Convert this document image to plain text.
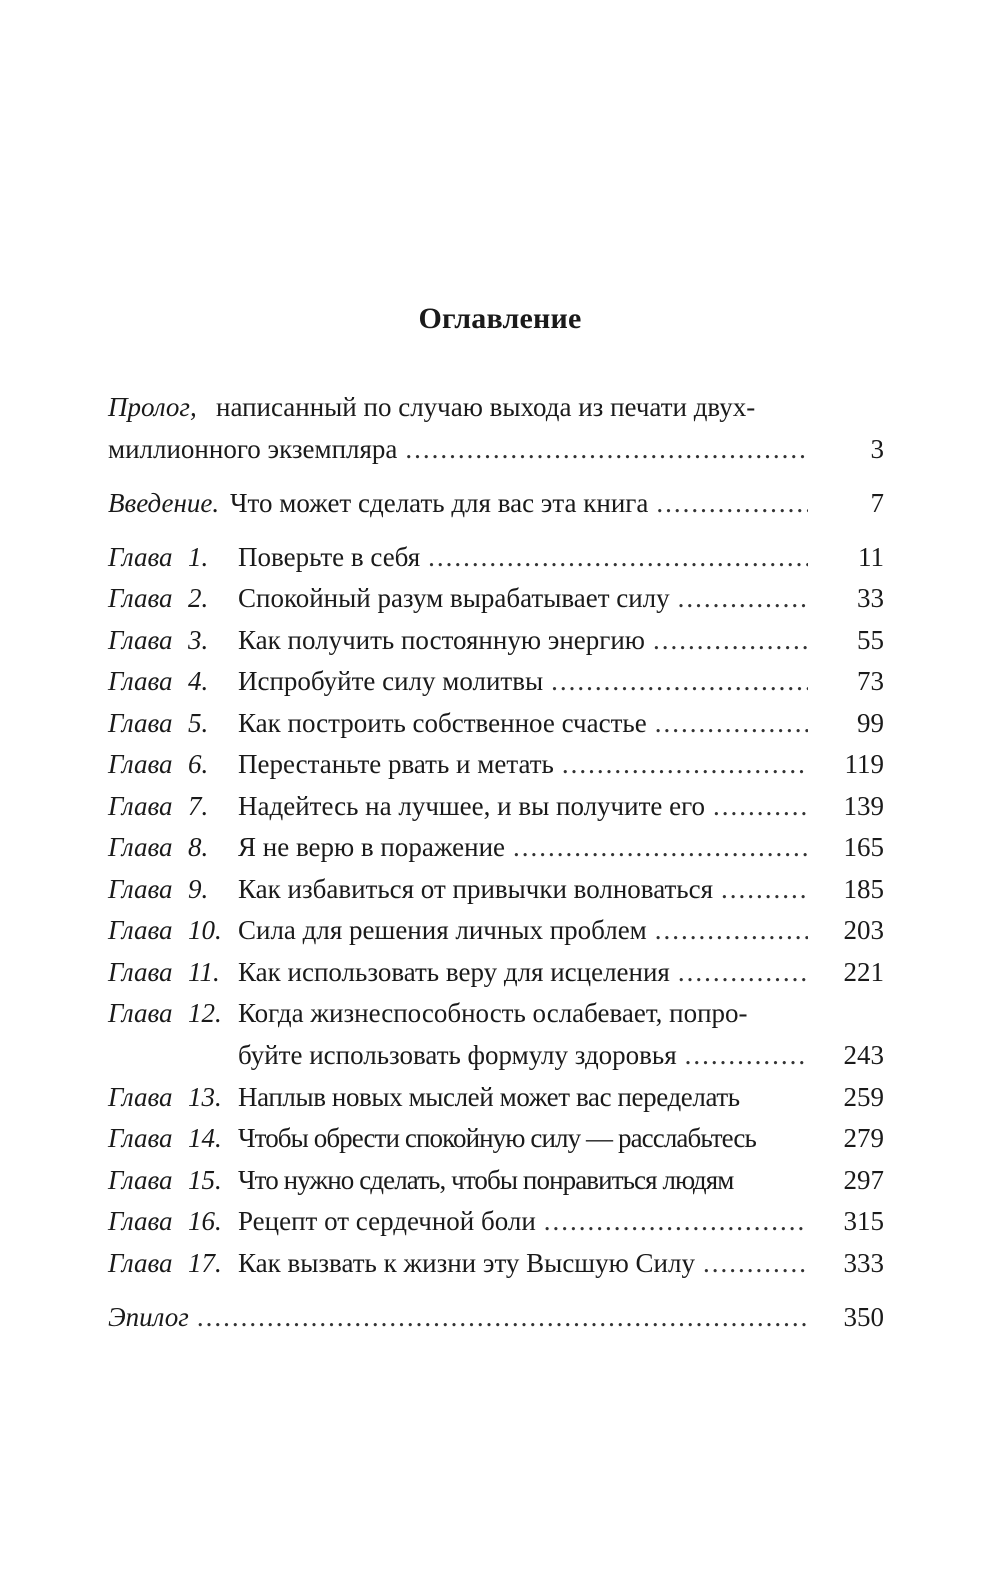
Оглавление
Пролог, написанный по случаю выхода из печати двух-
миллионного экземпляра .....	3
Введение. Что может сделать для вас эта книга .....	7
Глава 1. Поверьте в себя .....	11
Глава 2. Спокойный разум вырабатывает силу .....	33
Глава 3. Как получить постоянную энергию .....	55
Глава 4. Испробуйте силу молитвы .....	73
Глава 5. Как построить собственное счастье .....	99
Глава 6. Перестаньте рвать и метать .....	119
Глава 7. Надейтесь на лучшее, и вы получите его .....	139
Глава 8. Я не верю в поражение .....	165
Глава 9. Как избавиться от привычки волноваться .....	185
Глава 10. Сила для решения личных проблем .....	203
Глава 11. Как использовать веру для исцеления .....	221
Глава 12. Когда жизнеспособность ослабевает, попро-
буйте использовать формулу здоровья .....	243
Глава 13. Наплыв новых мыслей может вас переделать	259
Глава 14. Чтобы обрести спокойную силу — расслабьтесь	279
Глава 15. Что нужно сделать, чтобы понравиться людям	297
Глава 16. Рецепт от сердечной боли .....	315
Глава 17. Как вызвать к жизни эту Высшую Силу .....	333
Эпилог .....	350
